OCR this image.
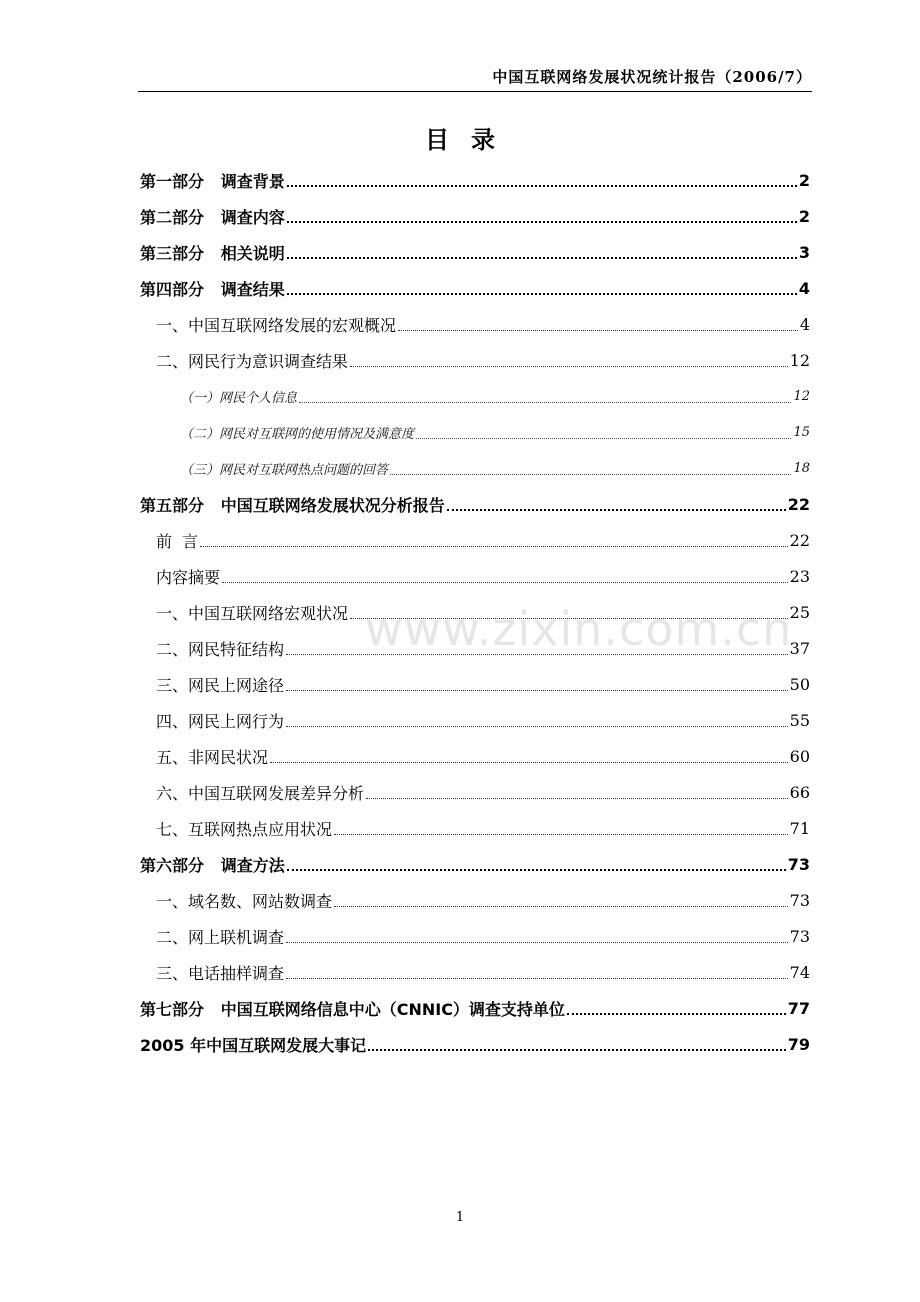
中国互联网络发展状况统计报告（2006/7）
目录
第一部分   调查背景	2
第二部分   调查内容	2
第三部分   相关说明	3
第四部分   调查结果	4
一、中国互联网络发展的宏观概况	4
二、网民行为意识调查结果	12
（一）网民个人信息	12
（二）网民对互联网的使用情况及满意度	15
（三）网民对互联网热点问题的回答	18
第五部分   中国互联网络发展状况分析报告	22
前  言	22
内容摘要	23
一、中国互联网络宏观状况	25
二、网民特征结构	37
三、网民上网途径	50
四、网民上网行为	55
五、非网民状况	60
六、中国互联网发展差异分析	66
七、互联网热点应用状况	71
第六部分   调查方法	73
一、域名数、网站数调查	73
二、网上联机调查	73
三、电话抽样调查	74
第七部分   中国互联网络信息中心（CNNIC）调查支持单位	77
2005 年中国互联网发展大事记	79
www.zixin.com.cn
1
